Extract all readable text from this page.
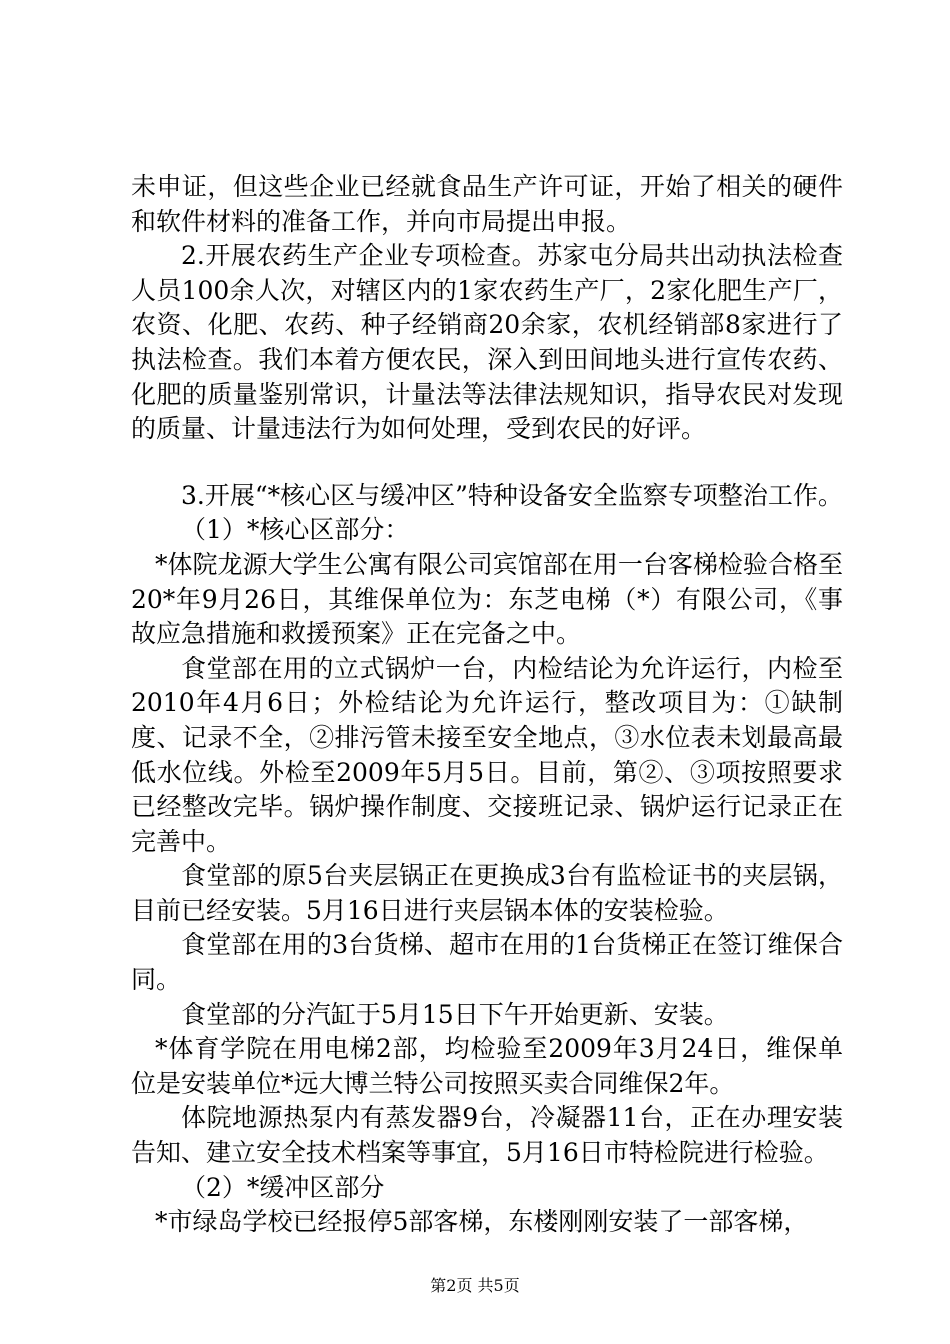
未申证，但这些企业已经就食品生产许可证，开始了相关的硬件和软件材料的准备工作，并向市局提出申报。

2.开展农药生产企业专项检查。苏家屯分局共出动执法检查人员100余人次，对辖区内的1家农药生产厂，2家化肥生产厂，农资、化肥、农药、种子经销商20余家，农机经销部8家进行了执法检查。我们本着方便农民，深入到田间地头进行宣传农药、化肥的质量鉴别常识，计量法等法律法规知识，指导农民对发现的质量、计量违法行为如何处理，受到农民的好评。

3.开展“*核心区与缓冲区”特种设备安全监察专项整治工作。

（1）*核心区部分：

*体院龙源大学生公寓有限公司宾馆部在用一台客梯检验合格至20*年9月26日，其维保单位为：东芝电梯（*）有限公司，《事故应急措施和救援预案》正在完备之中。

食堂部在用的立式锅炉一台，内检结论为允许运行，内检至2010年4月6日；外检结论为允许运行，整改项目为：①缺制度、记录不全，②排污管未接至安全地点，③水位表未划最高最低水位线。外检至2009年5月5日。目前，第②、③项按照要求已经整改完毕。锅炉操作制度、交接班记录、锅炉运行记录正在完善中。

食堂部的原5台夹层锅正在更换成3台有监检证书的夹层锅，目前已经安装。5月16日进行夹层锅本体的安装检验。

食堂部在用的3台货梯、超市在用的1台货梯正在签订维保合同。

食堂部的分汽缸于5月15日下午开始更新、安装。

*体育学院在用电梯2部，均检验至2009年3月24日，维保单位是安装单位*远大博兰特公司按照买卖合同维保2年。

体院地源热泵内有蒸发器9台，冷凝器11台，正在办理安装告知、建立安全技术档案等事宜，5月16日市特检院进行检验。

（2）*缓冲区部分

*市绿岛学校已经报停5部客梯，东楼刚刚安装了一部客梯，

第2页 共5页
